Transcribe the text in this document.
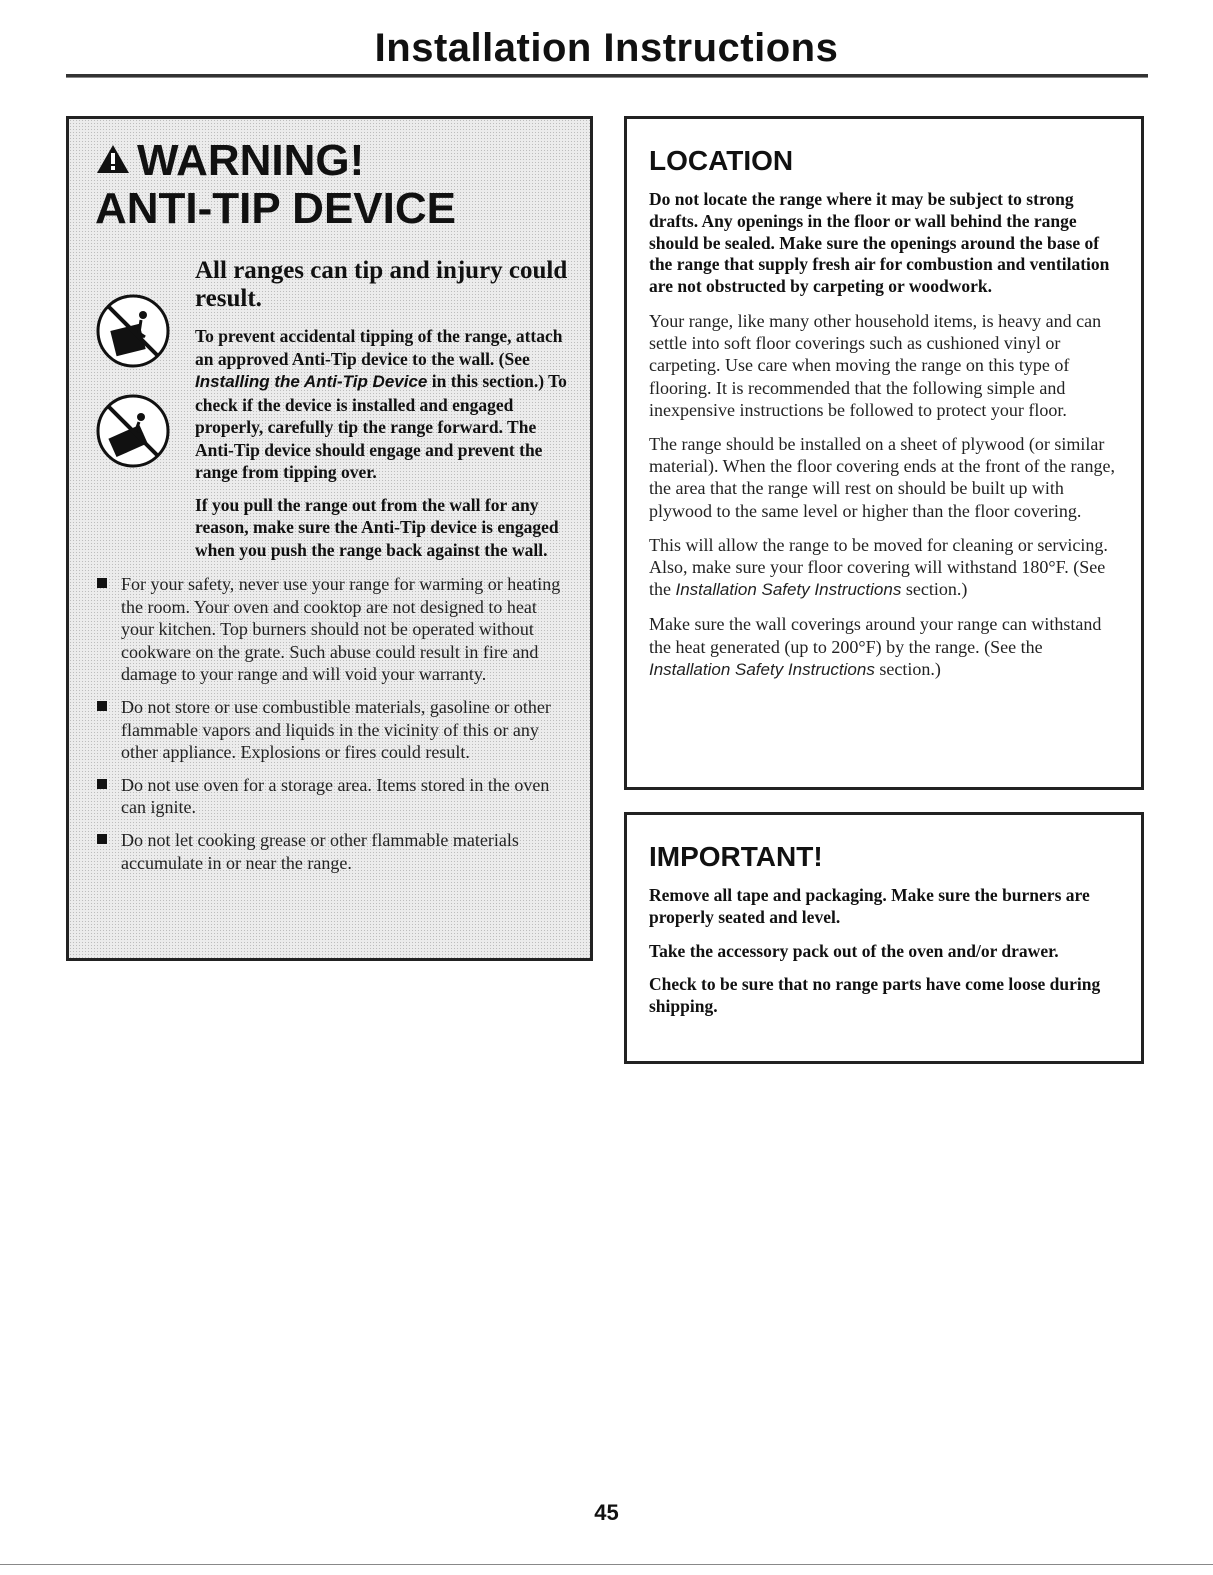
Installation Instructions
WARNING!
ANTI-TIP DEVICE

All ranges can tip and injury could result.

To prevent accidental tipping of the range, attach an approved Anti-Tip device to the wall. (See Installing the Anti-Tip Device in this section.) To check if the device is installed and engaged properly, carefully tip the range forward. The Anti-Tip device should engage and prevent the range from tipping over.

If you pull the range out from the wall for any reason, make sure the Anti-Tip device is engaged when you push the range back against the wall.

For your safety, never use your range for warming or heating the room. Your oven and cooktop are not designed to heat your kitchen. Top burners should not be operated without cookware on the grate. Such abuse could result in fire and damage to your range and will void your warranty.
Do not store or use combustible materials, gasoline or other flammable vapors and liquids in the vicinity of this or any other appliance. Explosions or fires could result.
Do not use oven for a storage area. Items stored in the oven can ignite.
Do not let cooking grease or other flammable materials accumulate in or near the range.
LOCATION

Do not locate the range where it may be subject to strong drafts. Any openings in the floor or wall behind the range should be sealed. Make sure the openings around the base of the range that supply fresh air for combustion and ventilation are not obstructed by carpeting or woodwork.

Your range, like many other household items, is heavy and can settle into soft floor coverings such as cushioned vinyl or carpeting. Use care when moving the range on this type of flooring. It is recommended that the following simple and inexpensive instructions be followed to protect your floor.

The range should be installed on a sheet of plywood (or similar material). When the floor covering ends at the front of the range, the area that the range will rest on should be built up with plywood to the same level or higher than the floor covering.

This will allow the range to be moved for cleaning or servicing. Also, make sure your floor covering will withstand 180°F. (See the Installation Safety Instructions section.)

Make sure the wall coverings around your range can withstand the heat generated (up to 200°F) by the range. (See the Installation Safety Instructions section.)

IMPORTANT!

Remove all tape and packaging. Make sure the burners are properly seated and level.

Take the accessory pack out of the oven and/or drawer.

Check to be sure that no range parts have come loose during shipping.

45
